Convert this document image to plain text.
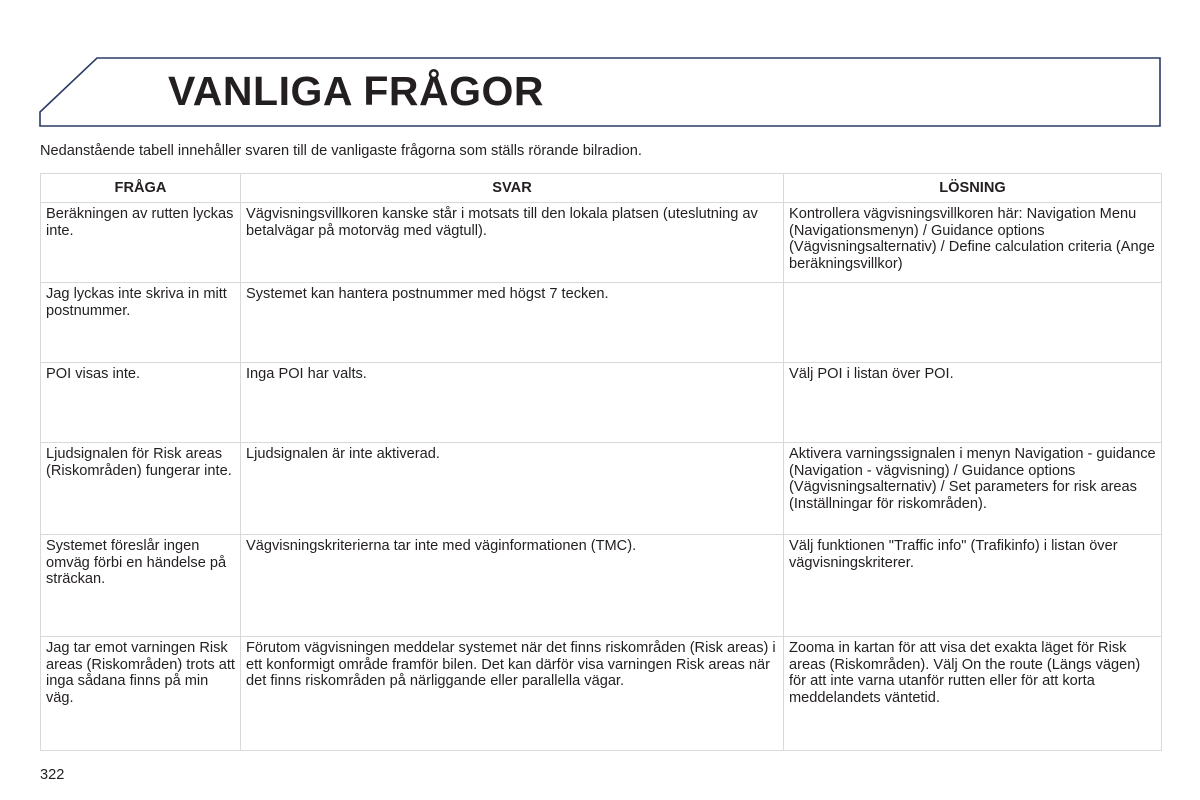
VANLIGA FRÅGOR
Nedanstående tabell innehåller svaren till de vanligaste frågorna som ställs rörande bilradion.
FRÅGA	SVAR	LÖSNING
Beräkningen av rutten lyckas inte.	Vägvisningsvillkoren kanske står i motsats till den lokala platsen (uteslutning av betalvägar på motorväg med vägtull).	Kontrollera vägvisningsvillkoren här: Navigation Menu (Navigationsmenyn) / Guidance options (Vägvisningsalternativ) / Define calculation criteria (Ange beräkningsvillkor)
Jag lyckas inte skriva in mitt postnummer.	Systemet kan hantera postnummer med högst 7 tecken.	
POI visas inte.	Inga POI har valts.	Välj POI i listan över POI.
Ljudsignalen för Risk areas (Riskområden) fungerar inte.	Ljudsignalen är inte aktiverad.	Aktivera varningssignalen i menyn Navigation - guidance (Navigation - vägvisning) / Guidance options (Vägvisningsalternativ) / Set parameters for risk areas (Inställningar för riskområden).
Systemet föreslår ingen omväg förbi en händelse på sträckan.	Vägvisningskriterierna tar inte med väginformationen (TMC).	Välj funktionen "Traffic info" (Trafikinfo) i listan över vägvisningskriterer.
Jag tar emot varningen Risk areas (Riskområden) trots att inga sådana finns på min väg.	Förutom vägvisningen meddelar systemet när det finns riskområden (Risk areas) i ett konformigt område framför bilen. Det kan därför visa varningen Risk areas när det finns riskområden på närliggande eller parallella vägar.	Zooma in kartan för att visa det exakta läget för Risk areas (Riskområden). Välj On the route (Längs vägen) för att inte varna utanför rutten eller för att korta meddelandets väntetid.
322
